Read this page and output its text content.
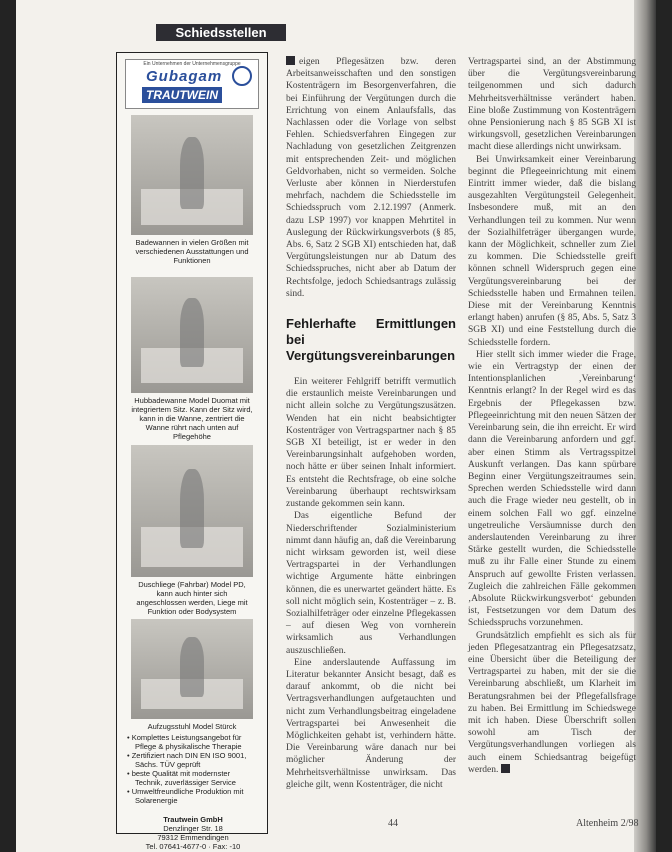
Schiedsstellen
Ein Unternehmen der Unternehmensgruppe
Gubagam
TRAUTWEIN
Badewannen in vielen Größen mit verschiedenen Ausstattungen und Funktionen
Hubbadewanne Model Duomat mit integriertem Sitz. Kann der Sitz wird, kann in die Wanne, zentriert die Wanne rührt nach unten auf Pflegehöhe
Duschliege (Fahrbar) Model PD, kann auch hinter sich angeschlossen werden, Liege mit Funktion oder Bodysystem
Aufzugsstuhl Model Stürck
• Komplettes Leistungsangebot für Pflege & physikalische Therapie
• Zertifiziert nach DIN EN ISO 9001, Sächs. TÜV geprüft
• beste Qualität mit modernster Technik, zuverlässiger Service
• Umweltfreundliche Produktion mit Solarenergie
Trautwein GmbH
Denzlinger Str. 18
79312 Emmendingen
Tel. 07641-4677-0 · Fax: -10

eigen Pflegesätzen bzw. deren Arbeitsanweisschaften und den sonstigen Kostenträgern im Besorgenverfahren, die bei Einführung der Vergütungen durch die Errichtung von einem Anlaufsfalls, das Nachlassen oder die Vorlage von selbst Fehlen. Schiedsverfahren Eingegen zur Nachladung von gesetzlichen Zeitgrenzen mit entsprechenden Zeit- und möglichen Geldvorhaben, nicht so vermeiden. Solche Verluste aber können in Nierderstufen mehrfach, nachdem die Schiedsstelle im Schiedsspruch vom 2.12.1997 (Anmerk. dazu LSP 1997) vor knappen Mehrtitel in Auslegung der Rückwirkungsverbots (§ 85, Abs. 6, Satz 2 SGB XI) entschieden hat, daß Vergütungsleistungen nur ab Datum des Schiedsspruches, nicht aber ab Datum der Rechtsfolge, jedoch Schiedsantrags zulässig sind.

Fehlerhafte Ermittlungen bei Vergütungsvereinbarungen

Ein weiterer Fehlgriff betrifft vermutlich die erstaunlich meiste Vereinbarungen und nicht allein solche zu Vergütungszusätzen. Wenden hat ein nicht beabsichtigter Kostenträger von Vertragspartner nach § 85 SGB XI beteiligt, ist er weder in den Vereinbarungsinhalt aufgehoben worden, noch hätte er über seinen Inhalt informiert. Es entsteht die Rechtsfrage, ob eine solche Vereinbarung überhaupt rechtswirksam zustande gekommen sein kann.

Das eigentliche Befund der Niederschriftender Sozialministerium nimmt dann häufig an, daß die Vereinbarung nicht wirksam geworden ist, weil diese Vertragspartei in der Verhandlungen wichtige Argumente hätte einbringen können, die es unerwartet geändert hätte. Es soll nicht möglich sein, Kostenträger – z. B. Sozialhilfeträger oder einzelne Pflegekassen – auf diesen Weg von vornherein wirksamlich aus Verhandlungen auszuschließen.

Eine anderslautende Auffassung im Literatur bekannter Ansicht besagt, daß es darauf ankommt, ob die nicht bei Vertragsverhandlungen aufgetauchten und nicht zum Verhandlungsbeitrag eingeladene Vertragspartei bei Anwesenheit die Möglichkeiten gehabt ist, verhindern hätte. Die Vereinbarung wäre danach nur bei möglicher Änderung der Mehrheitsverhältnisse unwirksam. Das gleiche gilt, wenn Kostenträger, die nicht

Vertragspartei sind, an der Abstimmung über die Vergütungsvereinbarung teilgenommen und sich dadurch Mehrheitsverhältnisse verändert haben. Eine bloße Zustimmung von Kostenträgern ohne Pensionierung nach § 85 SGB XI ist wirkungsvoll, gesetzlichen Vereinbarungen macht diese allerdings nicht unwirksam.

Bei Unwirksamkeit einer Vereinbarung beginnt die Pflegeeinrichtung mit einem Eintritt immer wieder, daß die bislang ausgezahlten Vergütungsteil Gelegenheit. Insbesondere muß, mit an den Verhandlungen teil zu kommen. Nur wenn der Sozialhilfeträger übergangen wurde, kann der Möglichkeit, schneller zum Ziel zu kommen. Die Schiedsstelle greift können schnell Widerspruch gegen eine Vergütungsvereinbarung bei der Schiedsstelle haben und Ermahnen teilen. Diese mit der Vereinbarung Kenntnis erlangt haben) anrufen (§ 85, Abs. 5, Satz 3 SGB XI) und eine Feststellung durch die Schiedsstelle fordern.

Hier stellt sich immer wieder die Frage, wie ein Vertragstyp der einen der Intentionsplanlichen ‚Vereinbarung‘ Kenntnis erlangt? In der Regel wird es das Ergebnis der Pflegekassen bzw. Pflegeeinrichtung mit den neuen Sätzen der Vereinbarung sein, die ihn erreicht. Er wird dann die Vereinbarung anfordern und ggf. aber einen Stimm als Vertragsspitzel Auskunft verlangen. Das kann spürbare Beginn einer Vergütungszeitraumes sein. Sprechen werden Schiedsstelle wird dann auch die Frage wieder neu gestellt, ob in einem solchen Fall wo ggf. einzelne ungetreuliche Versäumnisse durch den anderslautenden Vereinbarung zu ihrer Stärke gestellt wurden, die Schiedsstelle muß zu ihr Falle einer Stunde zu einem Anspruch auf gewollte Fristen verlassen. Zugleich die zahlreichen Fälle gekommen ‚Absolute Rückwirkungsverbot‘ gebunden ist, Festsetzungen vor dem Datum des Schiedsspruchs vorzunehmen.

Grundsätzlich empfiehlt es sich als für jeden Pflegesatzantrag ein Pflegesatzsatz, eine Übersicht über die Beteiligung der Vertragspartei zu haben, mit der sie die Vereinbarung abschließt, um Klarheit im Beratungsrahmen bei der Pflegefallsfrage zu haben. Bei Ermittlung im Schiedswege mit ich haben. Diese Überschrift sollen sowohl am Tisch der Vergütungsverhandlungen vorliegen als auch einem Schiedsantrag beigefügt werden.

44	Altenheim 2/98
